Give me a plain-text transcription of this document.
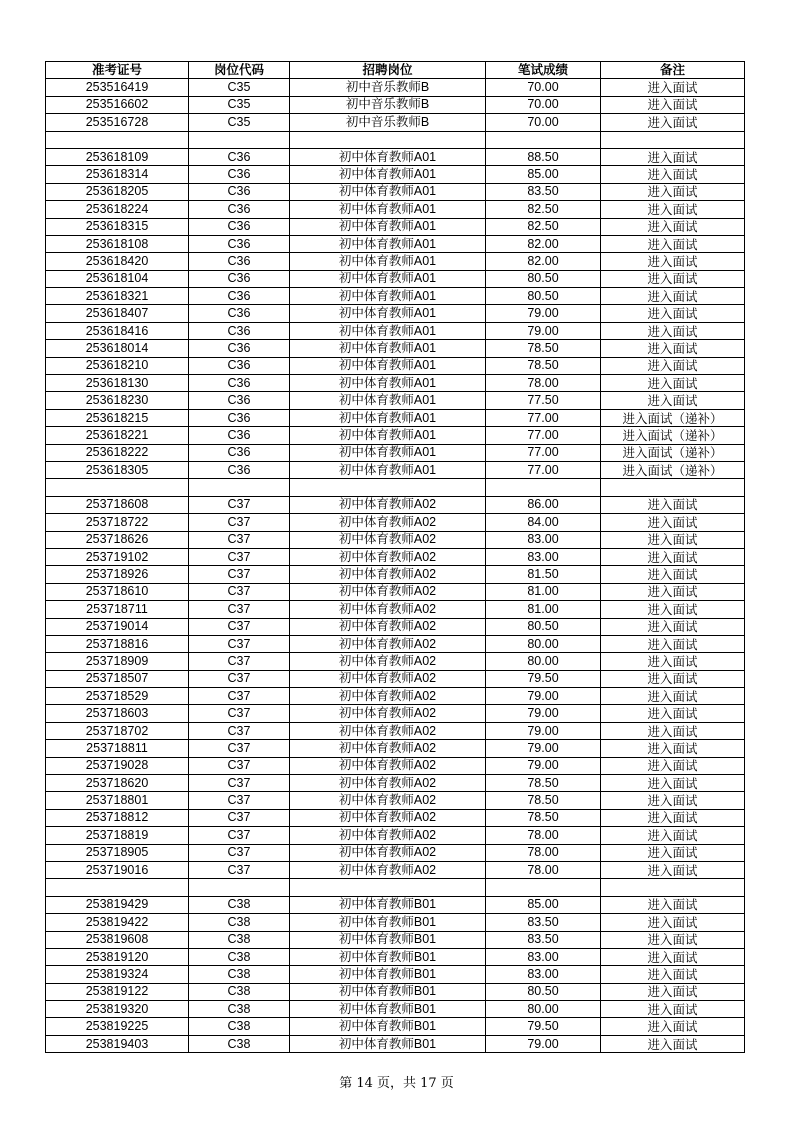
准考证号	岗位代码	招聘岗位	笔试成绩	备注
253516419	C35	初中音乐教师B	70.00	进入面试
253516602	C35	初中音乐教师B	70.00	进入面试
253516728	C35	初中音乐教师B	70.00	进入面试

253618109	C36	初中体育教师A01	88.50	进入面试
253618314	C36	初中体育教师A01	85.00	进入面试
253618205	C36	初中体育教师A01	83.50	进入面试
253618224	C36	初中体育教师A01	82.50	进入面试
253618315	C36	初中体育教师A01	82.50	进入面试
253618108	C36	初中体育教师A01	82.00	进入面试
253618420	C36	初中体育教师A01	82.00	进入面试
253618104	C36	初中体育教师A01	80.50	进入面试
253618321	C36	初中体育教师A01	80.50	进入面试
253618407	C36	初中体育教师A01	79.00	进入面试
253618416	C36	初中体育教师A01	79.00	进入面试
253618014	C36	初中体育教师A01	78.50	进入面试
253618210	C36	初中体育教师A01	78.50	进入面试
253618130	C36	初中体育教师A01	78.00	进入面试
253618230	C36	初中体育教师A01	77.50	进入面试
253618215	C36	初中体育教师A01	77.00	进入面试（递补）
253618221	C36	初中体育教师A01	77.00	进入面试（递补）
253618222	C36	初中体育教师A01	77.00	进入面试（递补）
253618305	C36	初中体育教师A01	77.00	进入面试（递补）

253718608	C37	初中体育教师A02	86.00	进入面试
253718722	C37	初中体育教师A02	84.00	进入面试
253718626	C37	初中体育教师A02	83.00	进入面试
253719102	C37	初中体育教师A02	83.00	进入面试
253718926	C37	初中体育教师A02	81.50	进入面试
253718610	C37	初中体育教师A02	81.00	进入面试
253718711	C37	初中体育教师A02	81.00	进入面试
253719014	C37	初中体育教师A02	80.50	进入面试
253718816	C37	初中体育教师A02	80.00	进入面试
253718909	C37	初中体育教师A02	80.00	进入面试
253718507	C37	初中体育教师A02	79.50	进入面试
253718529	C37	初中体育教师A02	79.00	进入面试
253718603	C37	初中体育教师A02	79.00	进入面试
253718702	C37	初中体育教师A02	79.00	进入面试
253718811	C37	初中体育教师A02	79.00	进入面试
253719028	C37	初中体育教师A02	79.00	进入面试
253718620	C37	初中体育教师A02	78.50	进入面试
253718801	C37	初中体育教师A02	78.50	进入面试
253718812	C37	初中体育教师A02	78.50	进入面试
253718819	C37	初中体育教师A02	78.00	进入面试
253718905	C37	初中体育教师A02	78.00	进入面试
253719016	C37	初中体育教师A02	78.00	进入面试

253819429	C38	初中体育教师B01	85.00	进入面试
253819422	C38	初中体育教师B01	83.50	进入面试
253819608	C38	初中体育教师B01	83.50	进入面试
253819120	C38	初中体育教师B01	83.00	进入面试
253819324	C38	初中体育教师B01	83.00	进入面试
253819122	C38	初中体育教师B01	80.50	进入面试
253819320	C38	初中体育教师B01	80.00	进入面试
253819225	C38	初中体育教师B01	79.50	进入面试
253819403	C38	初中体育教师B01	79.00	进入面试
第 14 页，共 17 页
